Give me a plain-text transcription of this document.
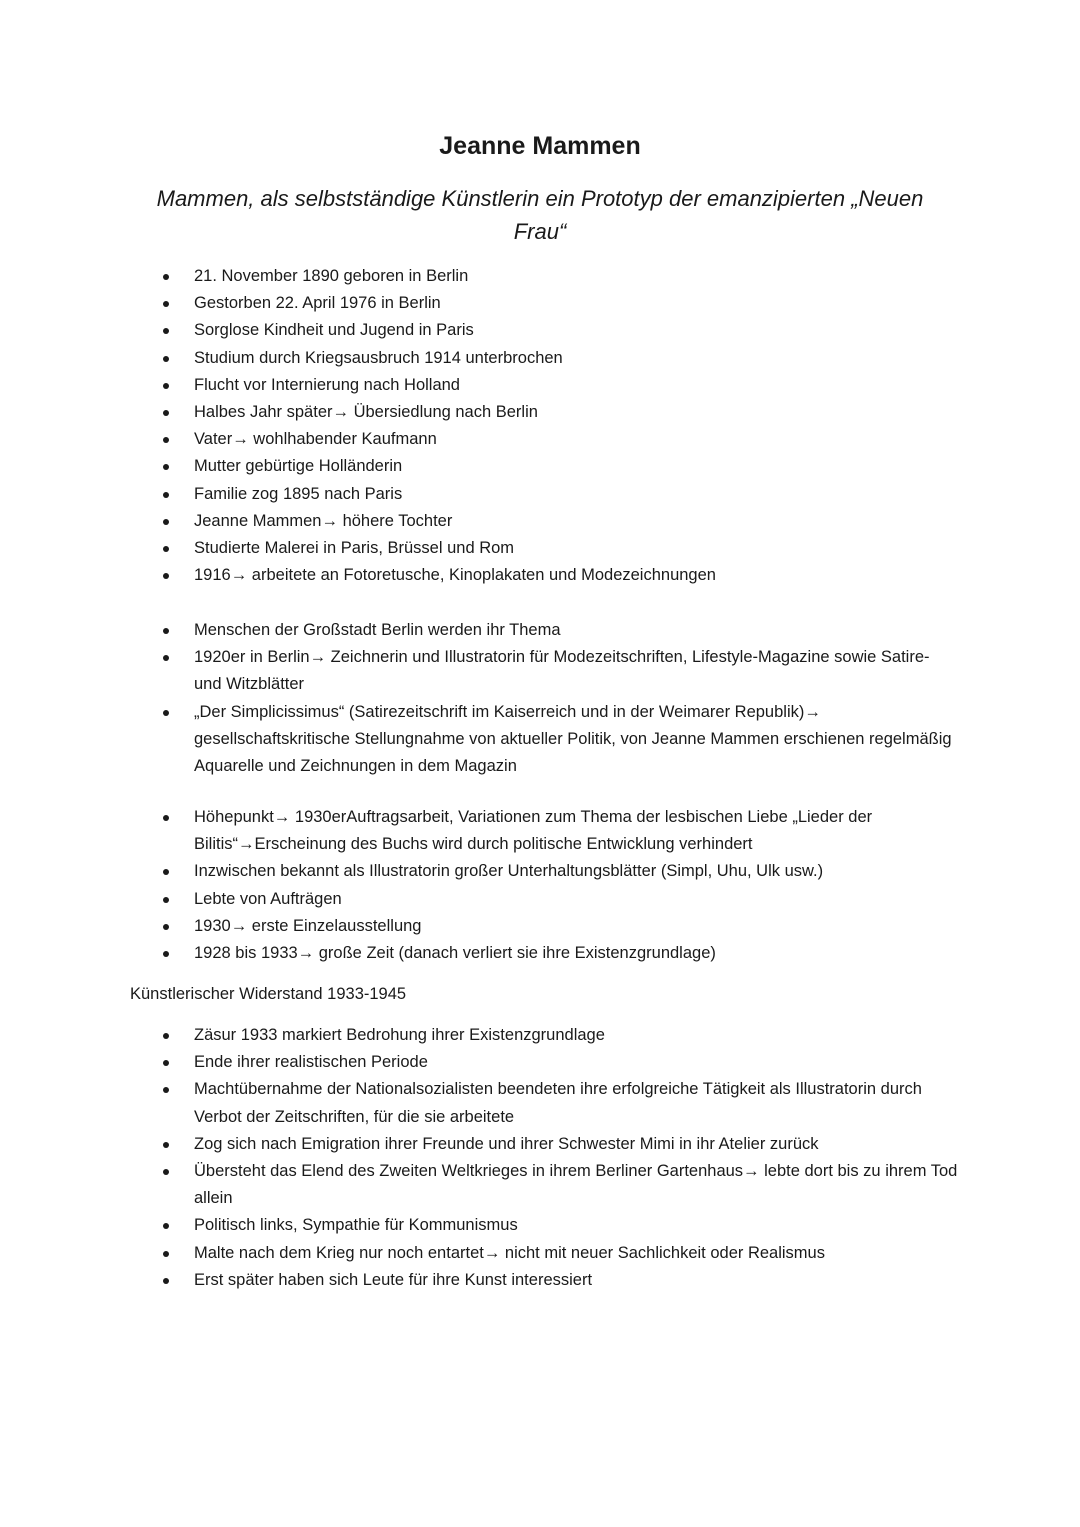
Jeanne Mammen

Mammen, als selbstständige Künstlerin ein Prototyp der emanzipierten „Neuen Frau“

21. November 1890 geboren in Berlin
Gestorben 22. April 1976 in Berlin
Sorglose Kindheit und Jugend in Paris
Studium durch Kriegsausbruch 1914 unterbrochen
Flucht vor Internierung nach Holland
Halbes Jahr später→ Übersiedlung nach Berlin
Vater→ wohlhabender Kaufmann
Mutter gebürtige Holländerin
Familie zog 1895 nach Paris
Jeanne Mammen→ höhere Tochter
Studierte Malerei in Paris, Brüssel und Rom
1916→ arbeitete an Fotoretusche, Kinoplakaten und Modezeichnungen
Menschen der Großstadt Berlin werden ihr Thema
1920er in Berlin→ Zeichnerin und Illustratorin für Modezeitschriften, Lifestyle-Magazine sowie Satire- und Witzblätter
„Der Simplicissimus“ (Satirezeitschrift im Kaiserreich und in der Weimarer Republik)→ gesellschaftskritische Stellungnahme von aktueller Politik, von Jeanne Mammen erschienen regelmäßig Aquarelle und Zeichnungen in dem Magazin
Höhepunkt→ 1930erAuftragsarbeit, Variationen zum Thema der lesbischen Liebe „Lieder der Bilitis“→Erscheinung des Buchs wird durch politische Entwicklung verhindert
Inzwischen bekannt als Illustratorin großer Unterhaltungsblätter (Simpl, Uhu, Ulk usw.)
Lebte von Aufträgen
1930→ erste Einzelausstellung
1928 bis 1933→ große Zeit (danach verliert sie ihre Existenzgrundlage)

Künstlerischer Widerstand 1933-1945

Zäsur 1933 markiert Bedrohung ihrer Existenzgrundlage
Ende ihrer realistischen Periode
Machtübernahme der Nationalsozialisten beendeten ihre erfolgreiche Tätigkeit als Illustratorin durch Verbot der Zeitschriften, für die sie arbeitete
Zog sich nach Emigration ihrer Freunde und ihrer Schwester Mimi in ihr Atelier zurück
Übersteht das Elend des Zweiten Weltkrieges in ihrem Berliner Gartenhaus→ lebte dort bis zu ihrem Tod allein
Politisch links, Sympathie für Kommunismus
Malte nach dem Krieg nur noch entartet→ nicht mit neuer Sachlichkeit oder Realismus
Erst später haben sich Leute für ihre Kunst interessiert
